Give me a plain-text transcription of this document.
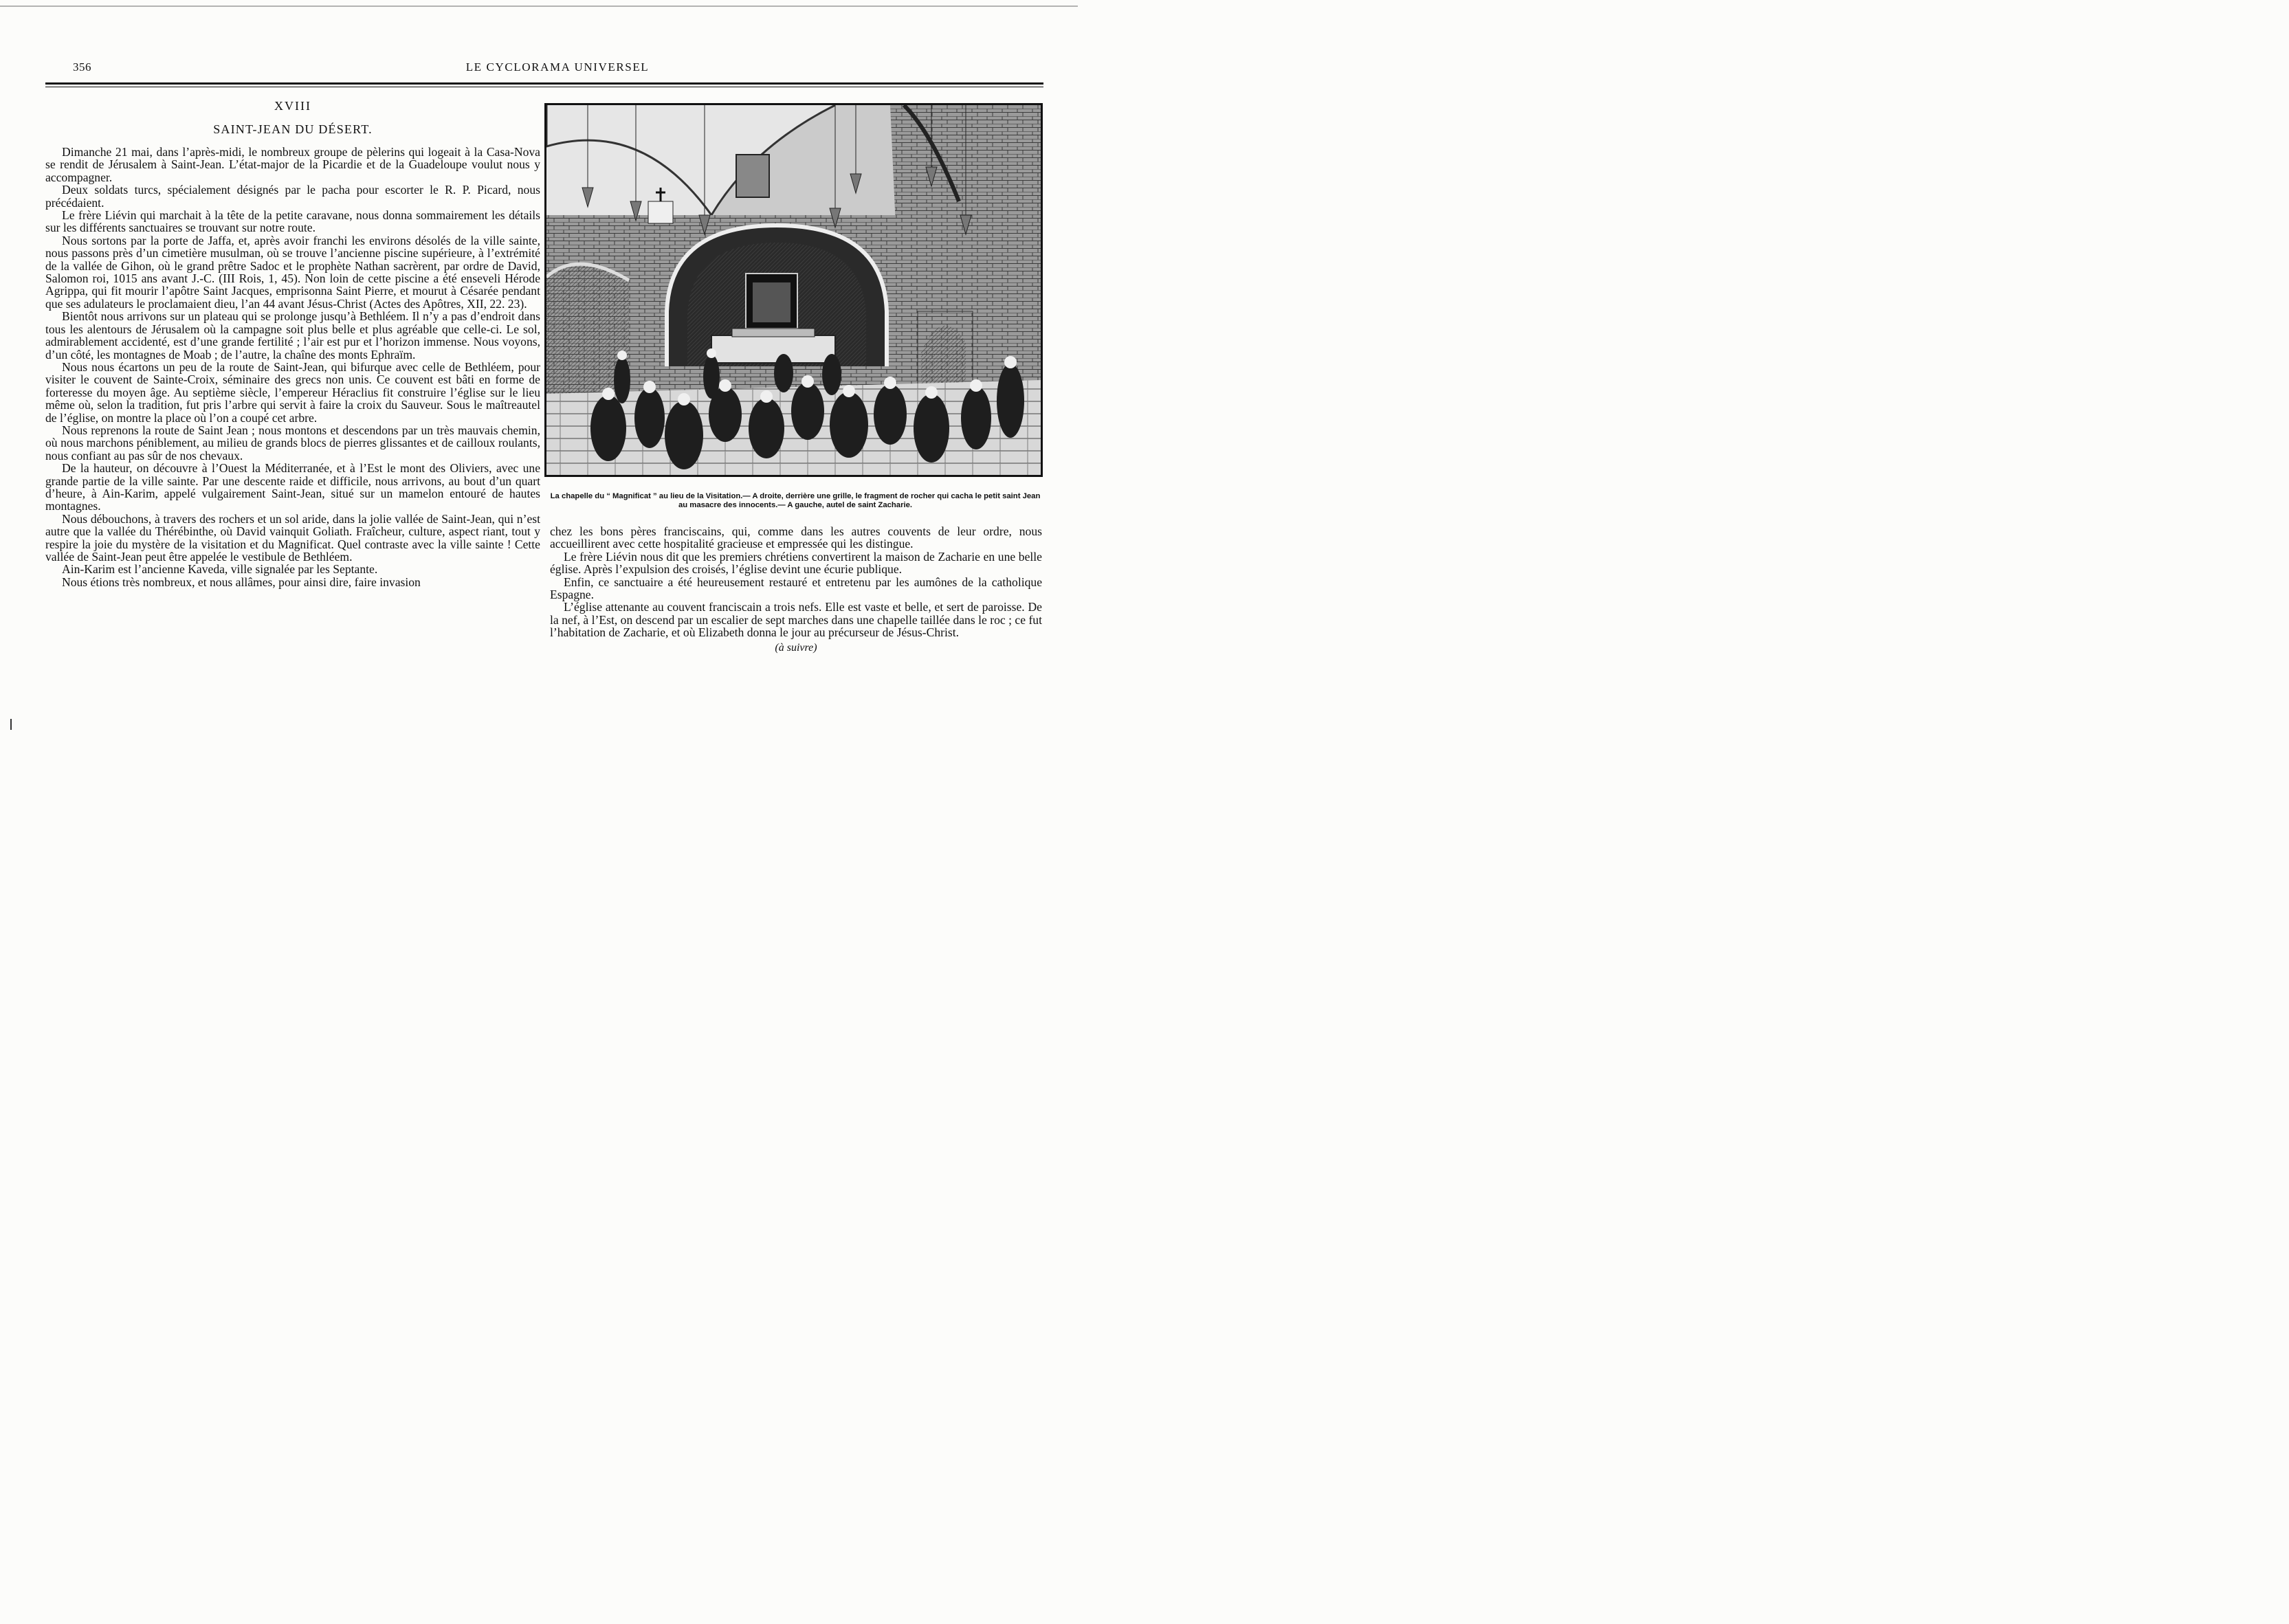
356	LE CYCLORAMA UNIVERSEL
XVIII
SAINT-JEAN DU DÉSERT.

Dimanche 21 mai, dans l’après-midi, le nombreux groupe de pèlerins qui logeait à la Casa-Nova se rendit de Jérusalem à Saint-Jean. L’état-major de la Picardie et de la Guadeloupe voulut nous y accompagner.

Deux soldats turcs, spécialement désignés par le pacha pour escorter le R. P. Picard, nous précédaient.

Le frère Liévin qui marchait à la tête de la petite caravane, nous donna sommairement les détails sur les différents sanctuaires se trouvant sur notre route.

Nous sortons par la porte de Jaffa, et, après avoir franchi les environs désolés de la ville sainte, nous passons près d’un cimetière musulman, où se trouve l’ancienne piscine supérieure, à l’extrémité de la vallée de Gihon, où le grand prêtre Sadoc et le prophète Nathan sacrèrent, par ordre de David, Salomon roi, 1015 ans avant J.-C. (III Rois, 1, 45). Non loin de cette piscine a été enseveli Hérode Agrippa, qui fit mourir l’apôtre Saint Jacques, emprisonna Saint Pierre, et mourut à Césarée pendant que ses adulateurs le proclamaient dieu, l’an 44 avant Jésus-Christ (Actes des Apôtres, XII, 22. 23).

Bientôt nous arrivons sur un plateau qui se prolonge jusqu’à Bethléem. Il n’y a pas d’endroit dans tous les alentours de Jérusalem où la campagne soit plus belle et plus agréable que celle-ci. Le sol, admirablement accidenté, est d’une grande fertilité ; l’air est pur et l’horizon immense. Nous voyons, d’un côté, les montagnes de Moab ; de l’autre, la chaîne des monts Ephraïm.

Nous nous écartons un peu de la route de Saint-Jean, qui bifurque avec celle de Bethléem, pour visiter le couvent de Sainte-Croix, séminaire des grecs non unis. Ce couvent est bâti en forme de forteresse du moyen âge. Au septième siècle, l’empereur Héraclius fit construire l’église sur le lieu même où, selon la tradition, fut pris l’arbre qui servit à faire la croix du Sauveur. Sous le maîtreautel de l’église, on montre la place où l’on a coupé cet arbre.

Nous reprenons la route de Saint Jean ; nous montons et descendons par un très mauvais chemin, où nous marchons péniblement, au milieu de grands blocs de pierres glissantes et de cailloux roulants, nous confiant au pas sûr de nos chevaux.

De la hauteur, on découvre à l’Ouest la Méditerranée, et à l’Est le mont des Oliviers, avec une grande partie de la ville sainte. Par une descente raide et difficile, nous arrivons, au bout d’un quart d’heure, à Ain-Karim, appelé vulgairement Saint-Jean, situé sur un mamelon entouré de hautes montagnes.

Nous débouchons, à travers des rochers et un sol aride, dans la jolie vallée de Saint-Jean, qui n’est autre que la vallée du Thérébinthe, où David vainquit Goliath. Fraîcheur, culture, aspect riant, tout y respire la joie du mystère de la visitation et du Magnificat. Quel contraste avec la ville sainte ! Cette vallée de Saint-Jean peut être appelée le vestibule de Bethléem.

Ain-Karim est l’ancienne Kaveda, ville signalée par les Septante.

Nous étions très nombreux, et nous allâmes, pour ainsi dire, faire invasion

La chapelle du “ Magnificat ” au lieu de la Visitation.— A droite, derrière une grille, le fragment de rocher qui cacha le petit saint Jean au masacre des innocents.— A gauche, autel de saint Zacharie.

chez les bons pères franciscains, qui, comme dans les autres couvents de leur ordre, nous accueillirent avec cette hospitalité gracieuse et empressée qui les distingue.

Le frère Liévin nous dit que les premiers chrétiens convertirent la maison de Zacharie en une belle église. Après l’expulsion des croisés, l’église devint une écurie publique.

Enfin, ce sanctuaire a été heureusement restauré et entretenu par les aumônes de la catholique Espagne.

L’église attenante au couvent franciscain a trois nefs. Elle est vaste et belle, et sert de paroisse. De la nef, à l’Est, on descend par un escalier de sept marches dans une chapelle taillée dans le roc ; ce fut l’habitation de Zacharie, et où Elizabeth donna le jour au précurseur de Jésus-Christ.

(à suivre)
